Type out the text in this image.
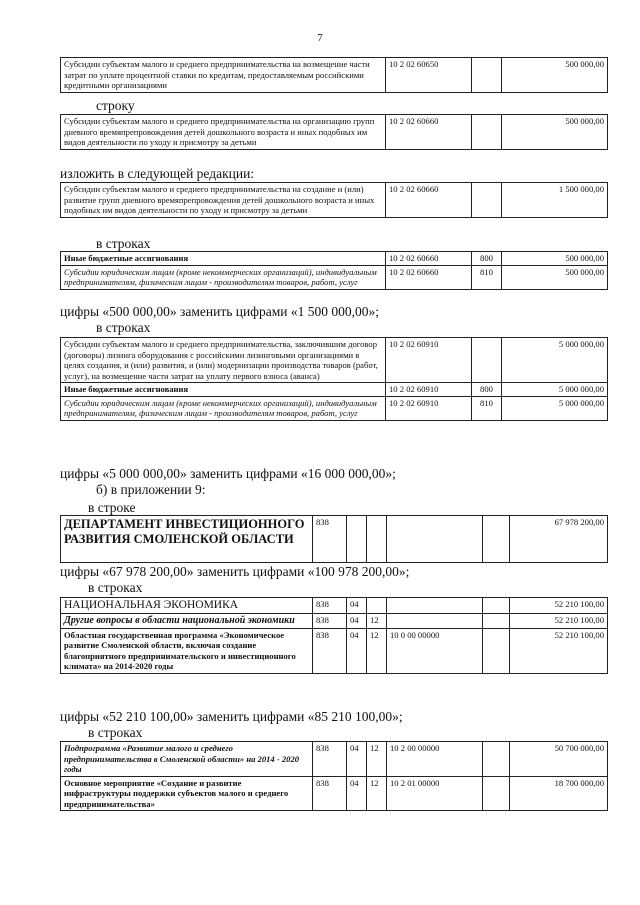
7
Субсидии субъектам малого и среднего предпринимательства на возмещение части затрат по уплате процентной ставки по кредитам, предоставляемым российскими кредитными организациями	10 2 02 60650		500 000,00
строку
Субсидии субъектам малого и среднего предпринимательства на организацию групп дневного времяпрепровождения детей дошкольного возраста и иных подобных им видов деятельности по уходу и присмотру за детьми	10 2 02 60660		500 000,00
изложить в следующей редакции:
Субсидии субъектам малого и среднего предпринимательства на создание и (или) развитие групп дневного времяпрепровождения детей дошкольного возраста и иных подобных им видов деятельности по уходу и присмотру за детьми	10 2 02 60660		1 500 000,00
в строках
Иные бюджетные ассигнования	10 2 02 60660	800	500 000,00
Субсидии юридическим лицам (кроме некоммерческих организаций), индивидуальным предпринимателям, физическим лицам - производителям товаров, работ, услуг	10 2 02 60660	810	500 000,00
цифры «500 000,00» заменить цифрами «1 500 000,00»;
в строках
Субсидии субъектам малого и среднего предпринимательства, заключившим договор (договоры) лизинга оборудования с российскими лизинговыми организациями в целях создания, и (или) развития, и (или) модернизации производства товаров (работ, услуг), на возмещение части затрат на уплату первого взноса (аванса)	10 2 02 60910		5 000 000,00
Иные бюджетные ассигнования	10 2 02 60910	800	5 000 000,00
Субсидии юридическим лицам (кроме некоммерческих организаций), индивидуальным предпринимателям, физическим лицам - производителям товаров, работ, услуг	10 2 02 60910	810	5 000 000,00
цифры «5 000 000,00» заменить цифрами «16 000 000,00»;
б) в приложении 9:
в строке
ДЕПАРТАМЕНТ ИНВЕСТИЦИОННОГО РАЗВИТИЯ СМОЛЕНСКОЙ ОБЛАСТИ	838					67 978 200,00
цифры «67 978 200,00» заменить цифрами «100 978 200,00»;
в строках
НАЦИОНАЛЬНАЯ ЭКОНОМИКА	838	04				52 210 100,00
Другие вопросы в области национальной экономики	838	04	12			52 210 100,00
Областная государственная программа «Экономическое развитие Смоленской области, включая создание благоприятного предпринимательского и инвестиционного климата» на 2014-2020 годы	838	04	12	10 0 00 00000		52 210 100,00
цифры «52 210 100,00» заменить цифрами «85 210 100,00»;
в строках
Подпрограмма «Развитие малого и среднего предпринимательства в Смоленской области» на 2014 - 2020 годы	838	04	12	10 2 00 00000		50 700 000,00
Основное мероприятие «Создание и развитие инфраструктуры поддержки субъектов малого и среднего предпринимательства»	838	04	12	10 2 01 00000		18 700 000,00
